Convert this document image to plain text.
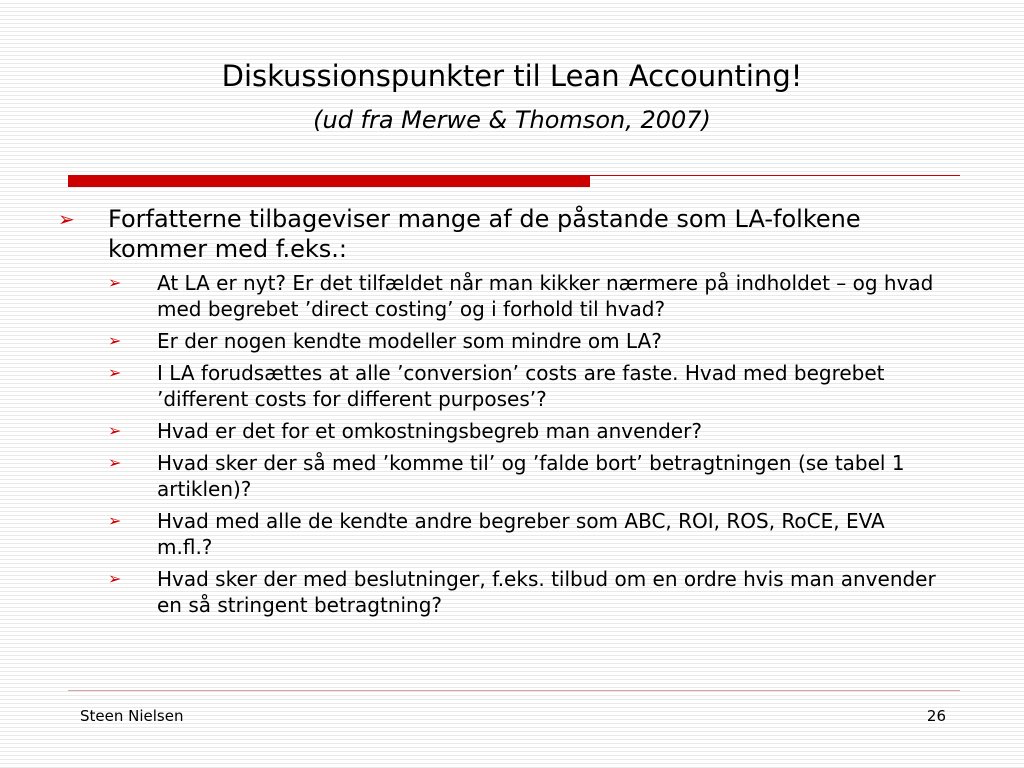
Diskussionspunkter til Lean Accounting!
(ud fra Merwe & Thomson, 2007)
➢ Forfatterne tilbageviser mange af de påstande som LA-folkene kommer med f.eks.:
➢ At LA er nyt? Er det tilfældet når man kikker nærmere på indholdet – og hvad med begrebet ’direct costing’ og i forhold til hvad?
➢ Er der nogen kendte modeller som mindre om LA?
➢ I LA forudsættes at alle ’conversion’ costs are faste. Hvad med begrebet ’different costs for different purposes’?
➢ Hvad er det for et omkostningsbegreb man anvender?
➢ Hvad sker der så med ’komme til’ og ’falde bort’ betragtningen (se tabel 1 artiklen)?
➢ Hvad med alle de kendte andre begreber som ABC, ROI, ROS, RoCE, EVA m.fl.?
➢ Hvad sker der med beslutninger, f.eks. tilbud om en ordre hvis man anvender en så stringent betragtning?
Steen Nielsen	26
